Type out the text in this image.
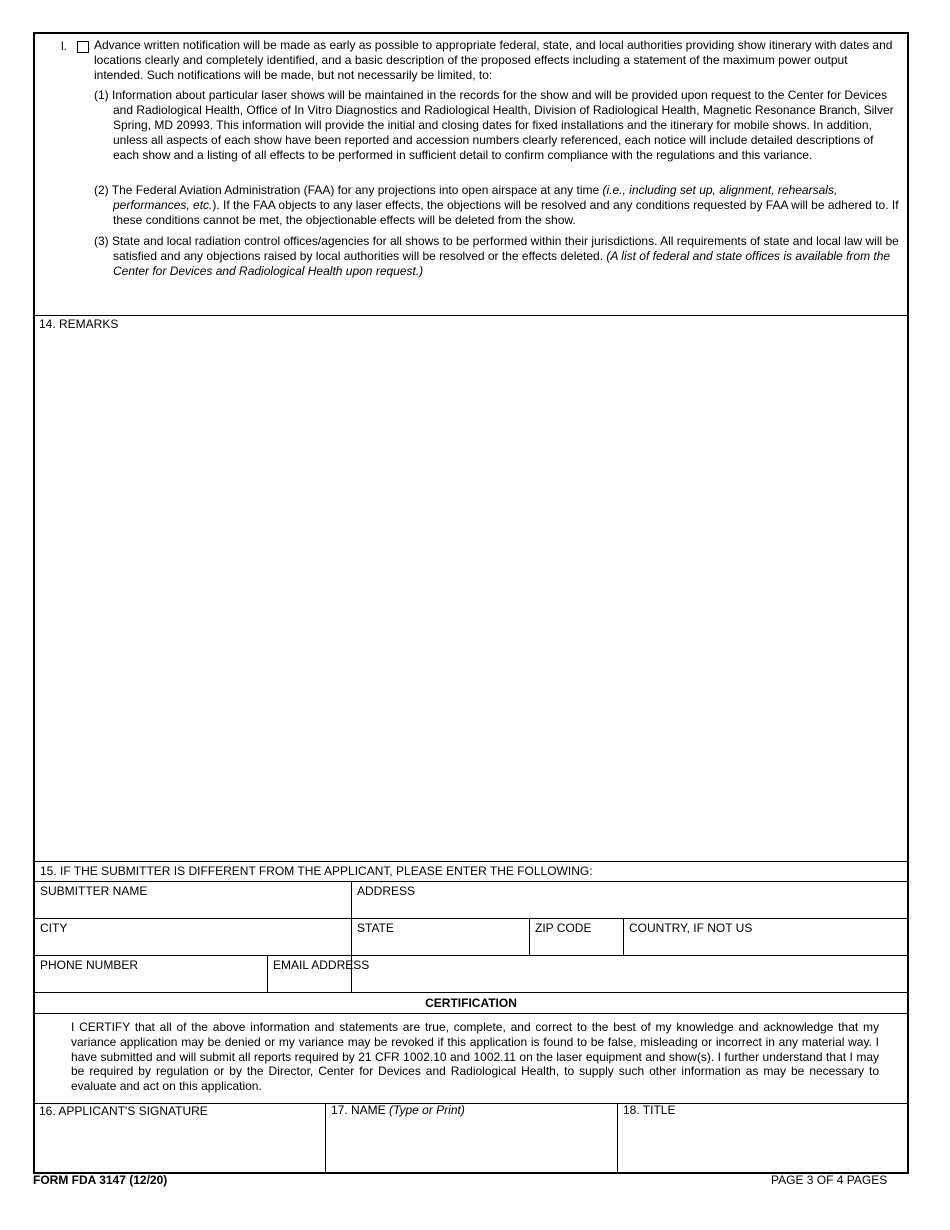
l. Advance written notification will be made as early as possible to appropriate federal, state, and local authorities providing show itinerary with dates and locations clearly and completely identified, and a basic description of the proposed effects including a statement of the maximum power output intended. Such notifications will be made, but not necessarily be limited, to:
(1) Information about particular laser shows will be maintained in the records for the show and will be provided upon request to the Center for Devices and Radiological Health, Office of In Vitro Diagnostics and Radiological Health, Division of Radiological Health, Magnetic Resonance Branch, Silver Spring, MD 20993. This information will provide the initial and closing dates for fixed installations and the itinerary for mobile shows. In addition, unless all aspects of each show have been reported and accession numbers clearly referenced, each notice will include detailed descriptions of each show and a listing of all effects to be performed in sufficient detail to confirm compliance with the regulations and this variance.
(2) The Federal Aviation Administration (FAA) for any projections into open airspace at any time (i.e., including set up, alignment, rehearsals, performances, etc.). If the FAA objects to any laser effects, the objections will be resolved and any conditions requested by FAA will be adhered to. If these conditions cannot be met, the objectionable effects will be deleted from the show.
(3) State and local radiation control offices/agencies for all shows to be performed within their jurisdictions. All requirements of state and local law will be satisfied and any objections raised by local authorities will be resolved or the effects deleted. (A list of federal and state offices is available from the Center for Devices and Radiological Health upon request.)
14. REMARKS
15. IF THE SUBMITTER IS DIFFERENT FROM THE APPLICANT, PLEASE ENTER THE FOLLOWING:
SUBMITTER NAME	ADDRESS
CITY	STATE	ZIP CODE	COUNTRY, IF NOT US
PHONE NUMBER	EMAIL ADDRESS
CERTIFICATION
I CERTIFY that all of the above information and statements are true, complete, and correct to the best of my knowledge and acknowledge that my variance application may be denied or my variance may be revoked if this application is found to be false, misleading or incorrect in any material way. I have submitted and will submit all reports required by 21 CFR 1002.10 and 1002.11 on the laser equipment and show(s). I further understand that I may be required by regulation or by the Director, Center for Devices and Radiological Health, to supply such other information as may be necessary to evaluate and act on this application.
16. APPLICANT'S SIGNATURE	17. NAME (Type or Print)	18. TITLE
FORM FDA 3147 (12/20)	PAGE 3 OF 4 PAGES
